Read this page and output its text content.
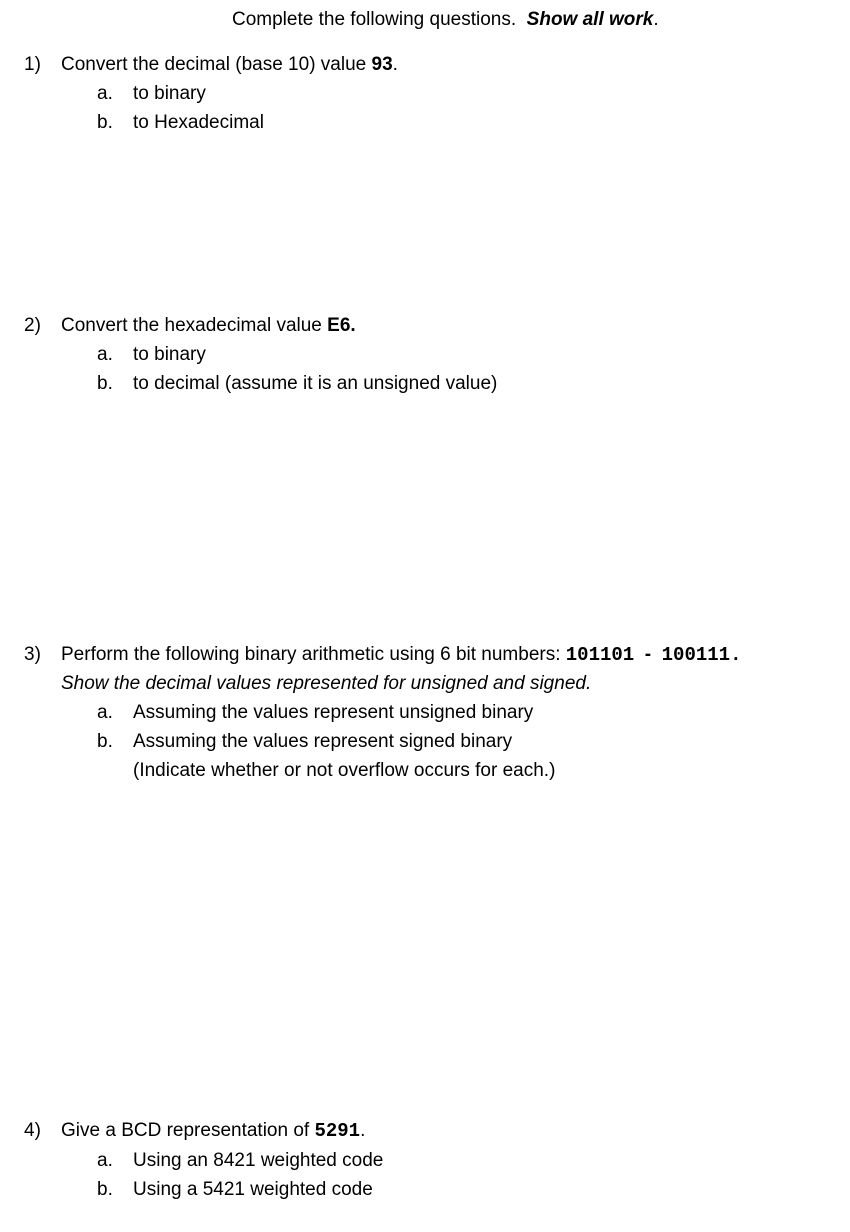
Complete the following questions. Show all work.
1) Convert the decimal (base 10) value 93.
a. to binary
b. to Hexadecimal
2) Convert the hexadecimal value E6.
a. to binary
b. to decimal (assume it is an unsigned value)
3) Perform the following binary arithmetic using 6 bit numbers: 101101 - 100111.
Show the decimal values represented for unsigned and signed.
a. Assuming the values represent unsigned binary
b. Assuming the values represent signed binary
(Indicate whether or not overflow occurs for each.)
4) Give a BCD representation of 5291.
a. Using an 8421 weighted code
b. Using a 5421 weighted code
